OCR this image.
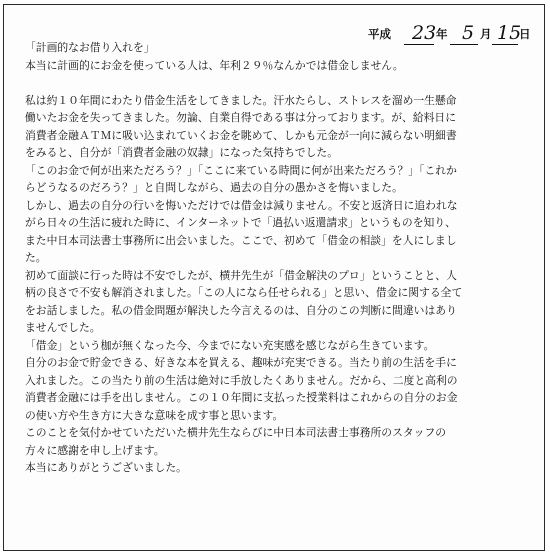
平成 23 年 5 月 15
日
「計画的なお借り入れを」
本当に計画的にお金を使っている人は、年利２９％なんかでは借金しません。
私は約１０年間にわたり借金生活をしてきました。汗水たらし、ストレスを溜め一生懸命
働いたお金を失ってきました。勿論、自業自得である事は分っております。が、給料日に
消費者金融ＡＴＭに吸い込まれていくお金を眺めて、しかも元金が一向に減らない明細書
をみると、自分が「消費者金融の奴隷」になった気持ちでした。
「このお金で何が出来ただろう？」「ここに来ている時間に何が出来ただろう？」「これか
らどうなるのだろう？」と自問しながら、過去の自分の愚かさを悔いました。
しかし、過去の自分の行いを悔いただけでは借金は減りません。不安と返済日に追われな
がら日々の生活に疲れた時に、インターネットで「過払い返還請求」というものを知り、
また中日本司法書士事務所に出会いました。ここで、初めて「借金の相談」を人にしまし
た。
初めて面談に行った時は不安でしたが、横井先生が「借金解決のプロ」ということと、人
柄の良さで不安も解消されました。「この人になら任せられる」と思い、借金に関する全て
をお話しました。私の借金問題が解決した今言えるのは、自分のこの判断に間違いはあり
ませんでした。
「借金」という枷が無くなった今、今までにない充実感を感じながら生きています。
自分のお金で貯金できる、好きな本を買える、趣味が充実できる。当たり前の生活を手に
入れました。この当たり前の生活は絶対に手放したくありません。だから、二度と高利の
消費者金融には手を出しません。この１０年間に支払った授業料はこれからの自分のお金
の使い方や生き方に大きな意味を成す事と思います。
このことを気付かせていただいた横井先生ならびに中日本司法書士事務所のスタッフの
方々に感謝を申し上げます。
本当にありがとうございました。
